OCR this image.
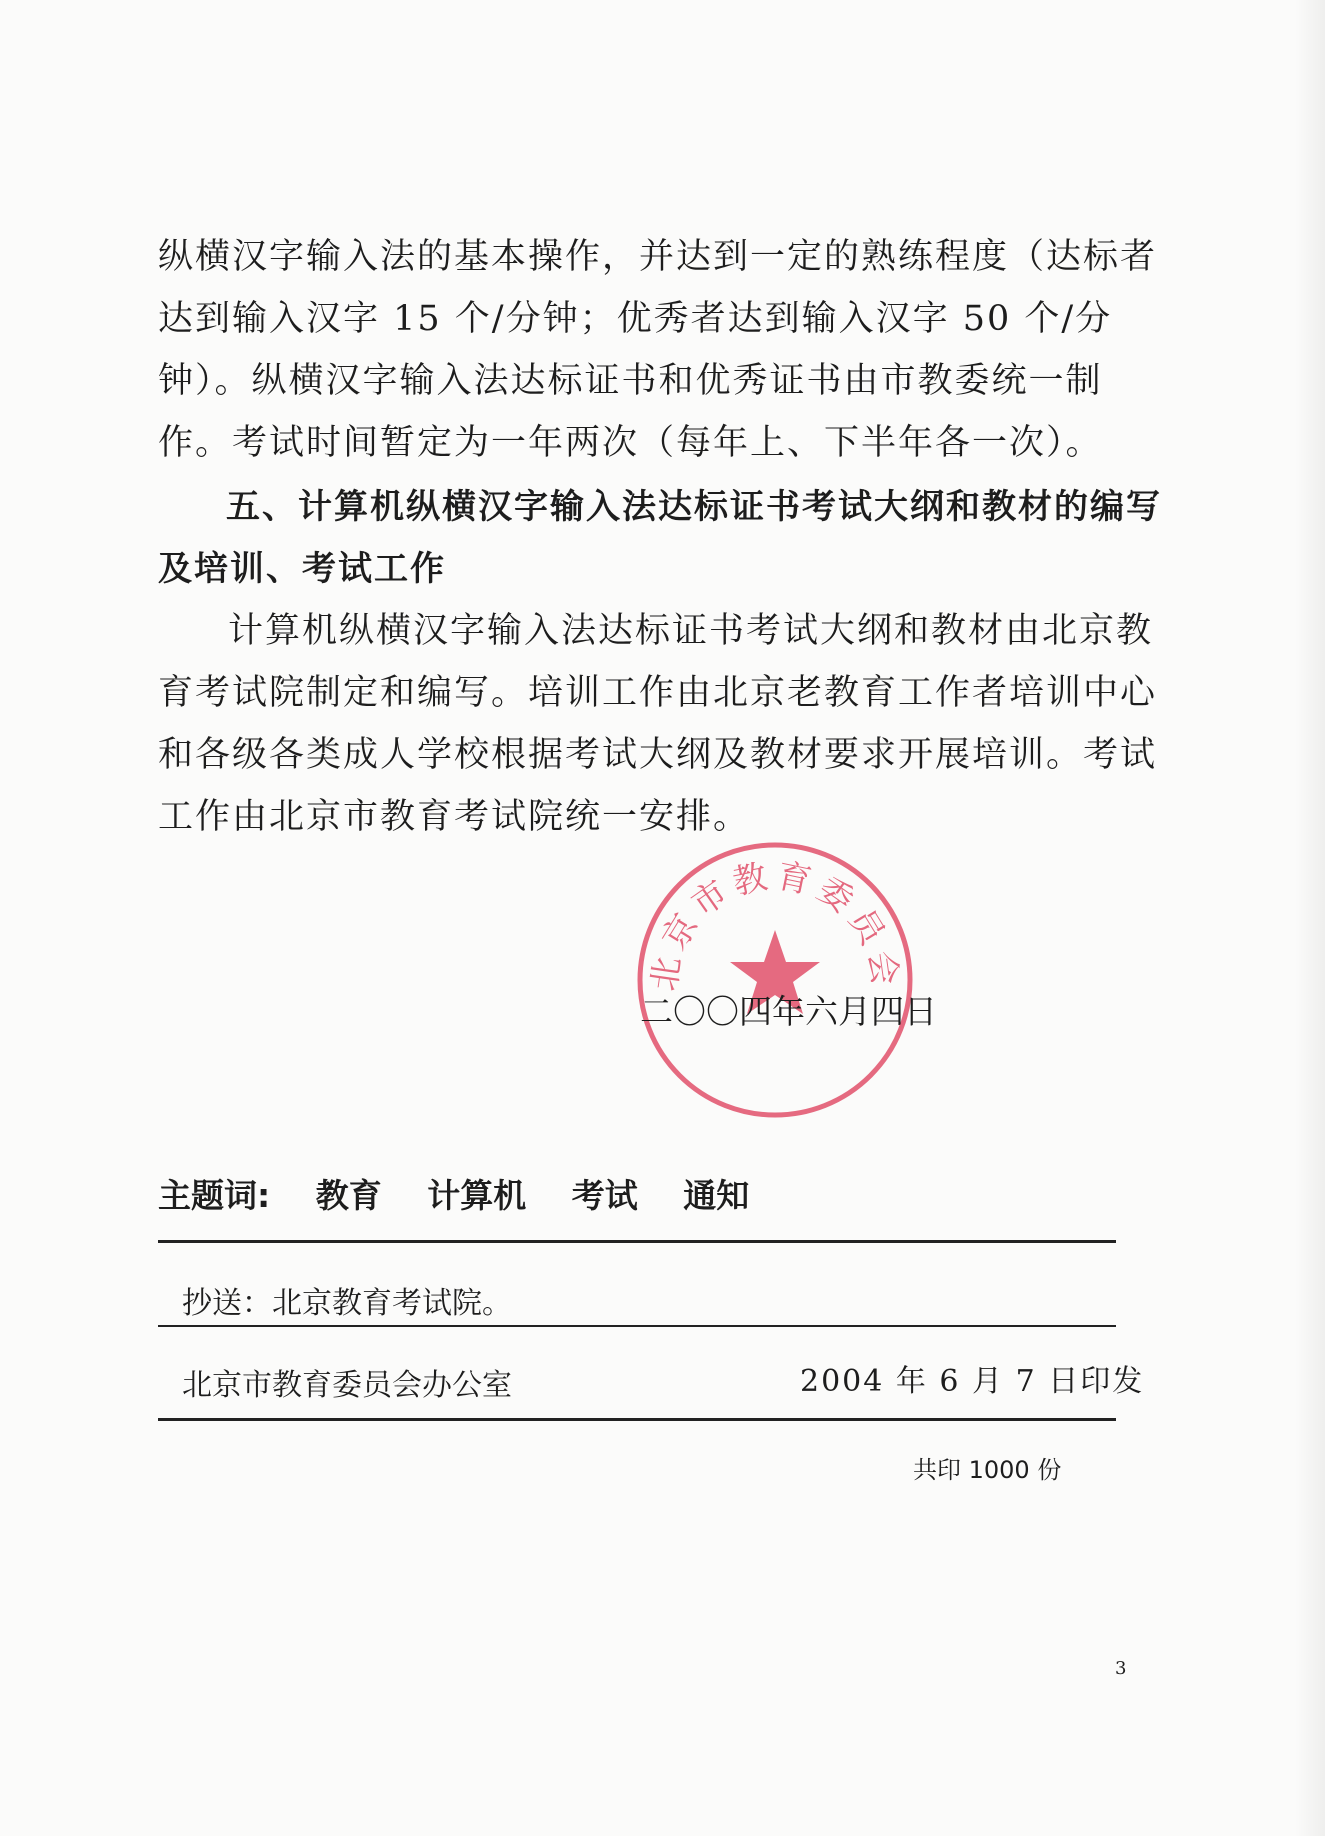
纵横汉字输入法的基本操作，并达到一定的熟练程度（达标者达到输入汉字 15 个/分钟；优秀者达到输入汉字 50 个/分钟）。纵横汉字输入法达标证书和优秀证书由市教委统一制作。考试时间暂定为一年两次（每年上、下半年各一次）。

五、计算机纵横汉字输入法达标证书考试大纲和教材的编写及培训、考试工作

计算机纵横汉字输入法达标证书考试大纲和教材由北京教育考试院制定和编写。培训工作由北京老教育工作者培训中心和各级各类成人学校根据考试大纲及教材要求开展培训。考试工作由北京市教育考试院统一安排。

北京市教育委员会
二〇〇四年六月四日
主题词: 教育 计算机 考试 通知
抄送：北京教育考试院。
北京市教育委员会办公室	2004 年 6 月 7 日印发
共印 1000 份
3
